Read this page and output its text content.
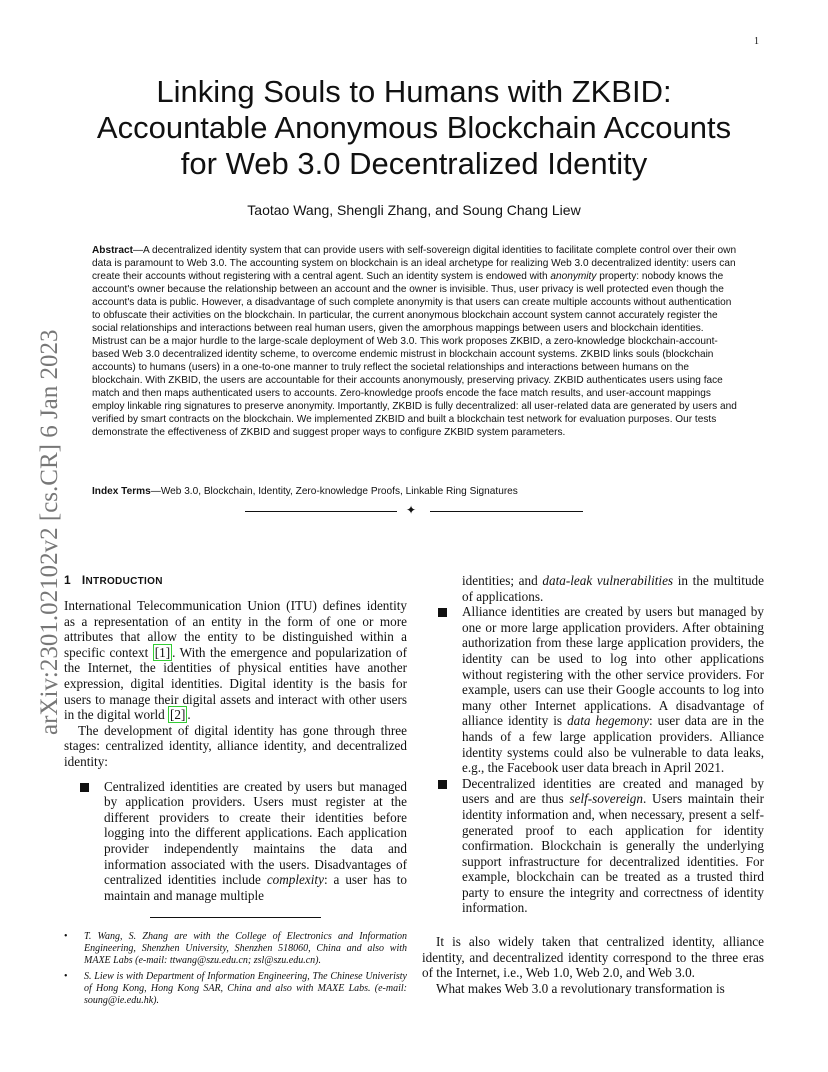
1
arXiv:2301.02102v2 [cs.CR] 6 Jan 2023
Linking Souls to Humans with ZKBID:
Accountable Anonymous Blockchain Accounts
for Web 3.0 Decentralized Identity
Taotao Wang, Shengli Zhang, and Soung Chang Liew
Abstract—A decentralized identity system that can provide users with self-sovereign digital identities to facilitate complete control over their own data is paramount to Web 3.0. The accounting system on blockchain is an ideal archetype for realizing Web 3.0 decentralized identity: users can create their accounts without registering with a central agent. Such an identity system is endowed with anonymity property: nobody knows the account's owner because the relationship between an account and the owner is invisible. Thus, user privacy is well protected even though the account's data is public. However, a disadvantage of such complete anonymity is that users can create multiple accounts without authentication to obfuscate their activities on the blockchain. In particular, the current anonymous blockchain account system cannot accurately register the social relationships and interactions between real human users, given the amorphous mappings between users and blockchain identities. Mistrust can be a major hurdle to the large-scale deployment of Web 3.0. This work proposes ZKBID, a zero-knowledge blockchain-account-based Web 3.0 decentralized identity scheme, to overcome endemic mistrust in blockchain account systems. ZKBID links souls (blockchain accounts) to humans (users) in a one-to-one manner to truly reflect the societal relationships and interactions between humans on the blockchain. With ZKBID, the users are accountable for their accounts anonymously, preserving privacy. ZKBID authenticates users using face match and then maps authenticated users to accounts. Zero-knowledge proofs encode the face match results, and user-account mappings employ linkable ring signatures to preserve anonymity. Importantly, ZKBID is fully decentralized: all user-related data are generated by users and verified by smart contracts on the blockchain. We implemented ZKBID and built a blockchain test network for evaluation purposes. Our tests demonstrate the effectiveness of ZKBID and suggest proper ways to configure ZKBID system parameters.
Index Terms—Web 3.0, Blockchain, Identity, Zero-knowledge Proofs, Linkable Ring Signatures
✦
1 INTRODUCTION

International Telecommunication Union (ITU) defines identity as a representation of an entity in the form of one or more attributes that allow the entity to be distinguished within a specific context [1] . With the emergence and popularization of the Internet, the identities of physical entities have another expression, digital identities. Digital identity is the basis for users to manage their digital assets and interact with other users in the digital world [2] .

The development of digital identity has gone through three stages: centralized identity, alliance identity, and decentralized identity:

Centralized identities are created by users but managed by application providers. Users must register at the different providers to create their identities before logging into the different applications. Each application provider independently maintains the data and information associated with the users. Disadvantages of centralized identities include complexity: a user has to maintain and manage multiple
• T. Wang, S. Zhang are with the College of Electronics and Information Engineering, Shenzhen University, Shenzhen 518060, China and also with MAXE Labs (e-mail: ttwang@szu.edu.cn; zsl@szu.edu.cn).
• S. Liew is with Department of Information Engineering, The Chinese Univeristy of Hong Kong, Hong Kong SAR, China and also with MAXE Labs. (e-mail: soung@ie.edu.hk).
identities; and data-leak vulnerabilities in the multitude of applications.
Alliance identities are created by users but managed by one or more large application providers. After obtaining authorization from these large application providers, the identity can be used to log into other applications without registering with the other service providers. For example, users can use their Google accounts to log into many other Internet applications. A disadvantage of alliance identity is data hegemony: user data are in the hands of a few large application providers. Alliance identity systems could also be vulnerable to data leaks, e.g., the Facebook user data breach in April 2021.
Decentralized identities are created and managed by users and are thus self-sovereign. Users maintain their identity information and, when necessary, present a self-generated proof to each application for identity confirmation. Blockchain is generally the underlying support infrastructure for decentralized identities. For example, blockchain can be treated as a trusted third party to ensure the integrity and correctness of identity information.

It is also widely taken that centralized identity, alliance identity, and decentralized identity correspond to the three eras of the Internet, i.e., Web 1.0, Web 2.0, and Web 3.0.

What makes Web 3.0 a revolutionary transformation is
